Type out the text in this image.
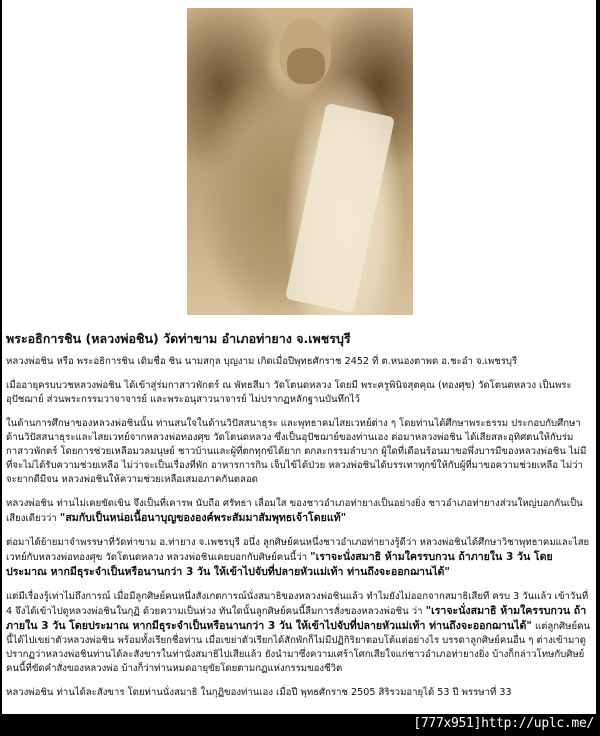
พระอธิการชิน (หลวงพ่อชิน) วัดท่าขาม อำเภอท่ายาง จ.เพชรบุรี

หลวงพ่อชิน หรือ พระอธิการชิน เดิมชื่อ ชิน นามสกุล บุญงาม เกิดเมื่อปีพุทธศักราช 2452 ที่ ต.หนองตาพด อ.ชะอำ จ.เพชรบุรี

เมื่ออายุครบบวชหลวงพ่อชิน ได้เข้าสู่ร่มกาสาวพักตร์ ณ พัทธสีมา วัดโตนดหลวง โดยมี พระครูพินิจสุตคุณ (ทองศุข) วัดโตนดหลวง เป็นพระอุปัชฌาย์ ส่วนพระกรรมวาจาจารย์ และพระอนุสาวนาจารย์ ไม่ปรากฏหลักฐานบันทึกไว้

ในด้านการศึกษาของหลวงพ่อชินนั้น ท่านสนใจในด้านวิปัสสนาธุระ และพุทธาคมไสยเวทย์ต่าง ๆ โดยท่านได้ศึกษาพระธรรม ประกอบกับศึกษาด้านวิปัสสนาธุระและไสยเวทย์จากหลวงพ่อทองศุข วัดโตนดหลวง ซึ่งเป็นอุปัชฌาย์ของท่านเอง ต่อมาหลวงพ่อชิน ได้เสียสละอุทิศตนให้กับร่มกาสาวพักตร์ โดยการช่วยเหลือมวลมนุษย์ ชาวบ้านและผู้ที่ตกทุกข์ได้ยาก ตกละกรรมลำบาก ผู้ใดที่เดือนร้อนมาขอพึ่งบารมีของหลวงพ่อชิน ไม่มีที่จะไม่ได้รับความช่วยเหลือ ไม่ว่าจะเป็นเรื่องที่พัก อาหารการกิน เจ็บไข้ได้ป่วย หลวงพ่อชินได้บรรเทาทุกข์ให้กับผู้ที่มาขอความช่วยเหลือ ไม่ว่าจะยากดีมีจน หลวงพ่อชินให้ความช่วยเหลือเสมอภาคกันตลอด

หลวงพ่อชิน ท่านไม่เคยขัดเขิน จึงเป็นที่เคารพ นับถือ ศรัทธา เลื่อมใส ของชาวอำเภอท่ายางเป็นอย่างยิ่ง ชาวอำเภอท่ายางส่วนใหญ่บอกกันเป็นเสียงเดียวว่า "สมกับเป็นหน่อเนื้อนาบุญขององค์พระสัมมาสัมพุทธเจ้าโดยแท้"

ต่อมาได้ย้ายมาจำพรรษาที่วัดท่าขาม อ.ท่ายาง จ.เพชรบุรี อนึ่ง ลูกศิษย์คนหนึ่งชาวอำเภอท่ายางรู้ดีว่า หลวงพ่อชินได้ศึกษาวิชาพุทธาคมและไสยเวทย์กับหลวงพ่อทองศุข วัดโตนดหลวง หลวงพ่อชินเคยบอกกับศิษย์คนนี้ว่า "เราจะนั่งสมาธิ ห้ามใครรบกวน ถ้าภายใน 3 วัน โดยประมาณ หากมีธุระจำเป็นหรือนานกว่า 3 วัน ให้เข้าไปจับที่ปลายหัวแม่เท้า ท่านถึงจะออกฌานได้"

แต่มีเรื่องรู้เท่าไม่ถึงการณ์ เมื่อมีลูกศิษย์คนหนึ่งสังเกตการณ์นั่งสมาธิของหลวงพ่อชินแล้ว ทำไมยังไม่ออกจากสมาธิเสียที ครบ 3 วันแล้ว เข้าวันที่ 4 จึงได้เข้าไปดูหลวงพ่อชินในกุฏิ ด้วยความเป็นห่วง ทันใดนั้นลูกศิษย์คนนี้ลืมการสั่งของหลวงพ่อชิน ว่า "เราจะนั่งสมาธิ ห้ามใครรบกวน ถ้าภายใน 3 วัน โดยประมาณ หากมีธุระจำเป็นหรือนานกว่า 3 วัน ให้เข้าไปจับที่ปลายหัวแม่เท้า ท่านถึงจะออกฌานได้" แต่ลูกศิษย์คนนี้ได้ไปเขย่าตัวหลวงพ่อชิน พร้อมทั้งเรียกชื่อท่าน เมื่อเขย่าตัวเรียกได้สักพักก็ไม่มีปฏิกิริยาตอบโต้แต่อย่างไร บรรดาลูกศิษย์คนอื่น ๆ ต่างเข้ามาดูปรากฏว่าหลวงพ่อชินท่านได้ละสังขารในท่านั่งสมาธิไปเสียแล้ว ยังนำมาซึ่งความเศร้าโศกเสียใจแก่ชาวอำเภอท่ายางยิ่ง บ้างก็กล่าวโทษกับศิษย์คนนี้ที่ขัดคำสั่งของหลวงพ่อ บ้างก็ว่าท่านหมดอายุขัยโดยตามกฏแห่งกรรมของชีวิต

หลวงพ่อชิน ท่านได้ละสังขาร โดยท่านนั่งสมาธิ ในกุฏิของท่านเอง เมื่อปี พุทธศักราช 2505 สิริรวมอายุได้ 53 ปี พรรษาที่ 33

[777x951]http://uplc.me/
